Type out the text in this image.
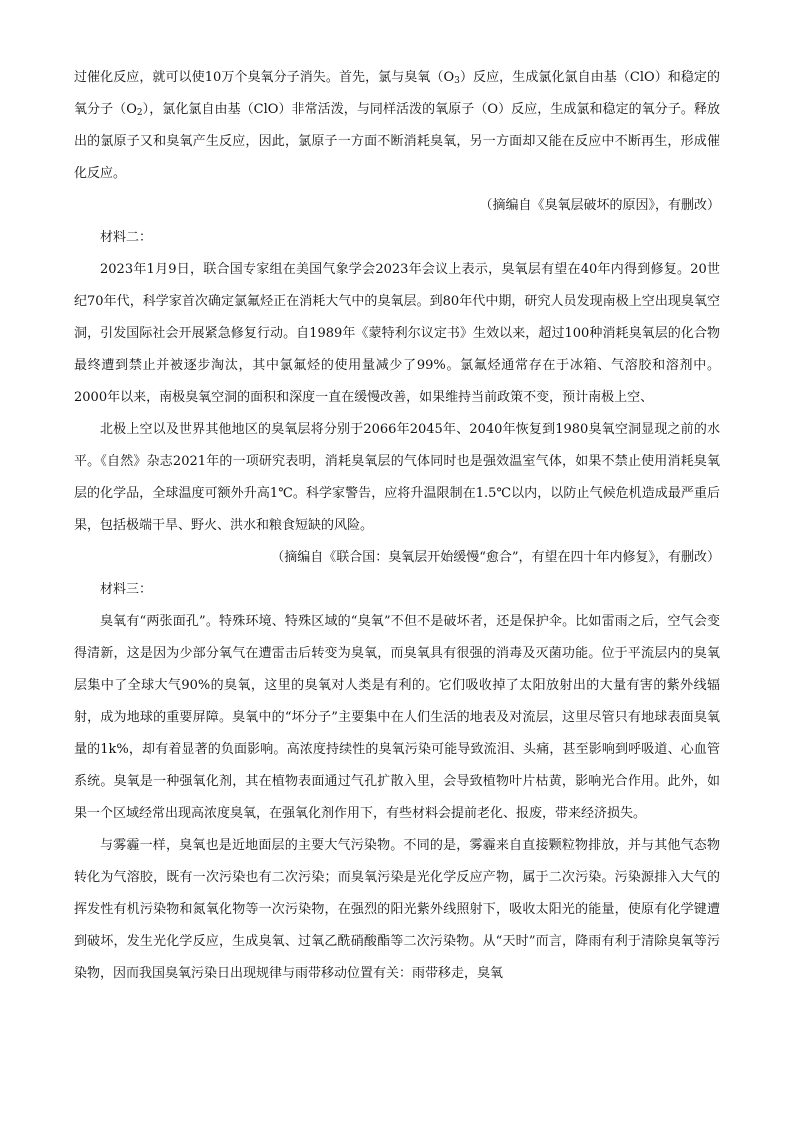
过催化反应，就可以使10万个臭氧分子消失。首先，氯与臭氧$(O_3)$反应，生成氯化氯自由基（ClO）和稳定的氧分子$(O_2)$，氯化氯自由基（ClO）非常活泼，与同样活泼的氧原子（O）反应，生成氯和稳定的氧分子。释放出的氯原子又和臭氧产生反应，因此，氯原子一方面不断消耗臭氧，另一方面却又能在反应中不断再生，形成催化反应。

（摘编自《臭氧层破坏的原因》，有删改）

材料二：

2023年1月9日，联合国专家组在美国气象学会2023年会议上表示，臭氧层有望在40年内得到修复。20世纪70年代，科学家首次确定氯氟烃正在消耗大气中的臭氧层。到80年代中期，研究人员发现南极上空出现臭氧空洞，引发国际社会开展紧急修复行动。自1989年《蒙特利尔议定书》生效以来，超过100种消耗臭氧层的化合物最终遭到禁止并被逐步淘汰，其中氯氟烃的使用量减少了99%。氯氟烃通常存在于冰箱、气溶胶和溶剂中。2000年以来，南极臭氧空洞的面积和深度一直在缓慢改善，如果维持当前政策不变，预计南极上空、

北极上空以及世界其他地区的臭氧层将分别于2066年2045年、2040年恢复到1980臭氧空洞显现之前的水平。《自然》杂志2021年的一项研究表明，消耗臭氧层的气体同时也是强效温室气体，如果不禁止使用消耗臭氧层的化学品，全球温度可额外升高1℃。科学家警告，应将升温限制在1.5℃以内，以防止气候危机造成最严重后果，包括极端干旱、野火、洪水和粮食短缺的风险。

（摘编自《联合国：臭氧层开始缓慢“愈合”，有望在四十年内修复》，有删改）

材料三：

臭氧有“两张面孔”。特殊环境、特殊区域的“臭氧”不但不是破坏者，还是保护伞。比如雷雨之后，空气会变得清新，这是因为少部分氧气在遭雷击后转变为臭氧，而臭氧具有很强的消毒及灭菌功能。位于平流层内的臭氧层集中了全球大气90%的臭氧，这里的臭氧对人类是有利的。它们吸收掉了太阳放射出的大量有害的紫外线辐射，成为地球的重要屏障。臭氧中的“坏分子”主要集中在人们生活的地表及对流层，这里尽管只有地球表面臭氧量的1k%，却有着显著的负面影响。高浓度持续性的臭氧污染可能导致流泪、头痛，甚至影响到呼吸道、心血管系统。臭氧是一种强氧化剂，其在植物表面通过气孔扩散入里，会导致植物叶片枯黄，影响光合作用。此外，如果一个区域经常出现高浓度臭氧，在强氧化剂作用下，有些材料会提前老化、报废，带来经济损失。

与雾霾一样，臭氧也是近地面层的主要大气污染物。不同的是，雾霾来自直接颗粒物排放，并与其他气态物转化为气溶胶，既有一次污染也有二次污染；而臭氧污染是光化学反应产物，属于二次污染。污染源排入大气的挥发性有机污染物和氮氧化物等一次污染物，在强烈的阳光紫外线照射下，吸收太阳光的能量，使原有化学键遭到破坏，发生光化学反应，生成臭氧、过氧乙酰硝酸酯等二次污染物。从“天时”而言，降雨有利于清除臭氧等污染物，因而我国臭氧污染日出现规律与雨带移动位置有关：雨带移走，臭氧
